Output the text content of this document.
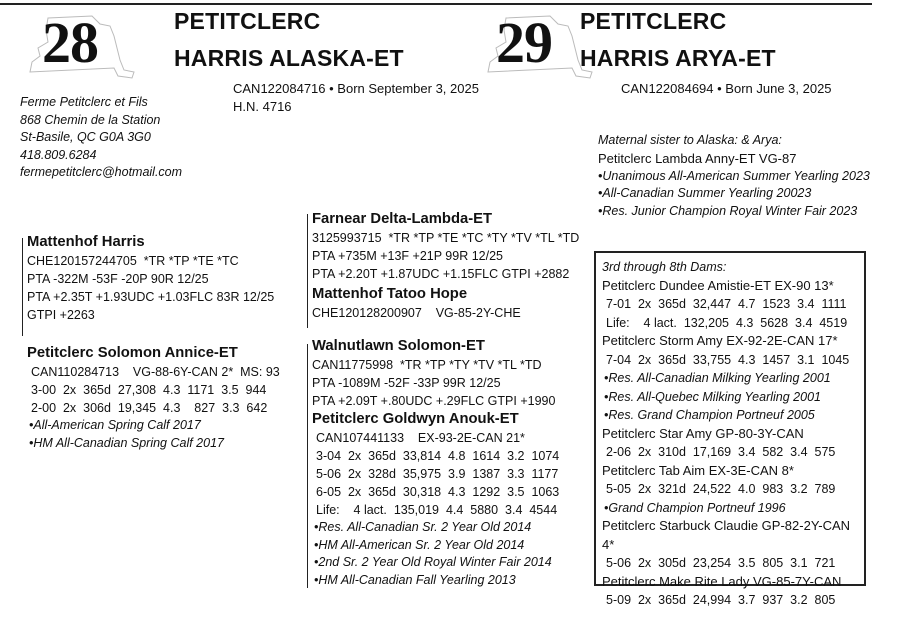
28	PETITCLERC
HARRIS ALASKA-ET
CAN122084716 • Born September 3, 2025
H.N. 4716
29 PETITCLERC
HARRIS ARYA-ET
CAN122084694 • Born June 3, 2025
Ferme Petitclerc et Fils
868 Chemin de la Station
St-Basile, QC G0A 3G0
418.809.6284
fermepetitclerc@hotmail.com
Maternal sister to Alaska: & Arya:
Petitclerc Lambda Anny-ET VG-87
•Unanimous All-American Summer Yearling 2023
•All-Canadian Summer Yearling 20023
•Res. Junior Champion Royal Winter Fair 2023
Mattenhof Harris
CHE120157244705  *TR *TP *TE *TC
PTA -322M -53F -20P 90R 12/25
PTA +2.35T +1.93UDC +1.03FLC 83R 12/25
GTPI +2263
Petitclerc Solomon Annice-ET
CAN110284713    VG-88-6Y-CAN 2*  MS: 93
3-00  2x  365d  27,308  4.3  1171  3.5  944
2-00  2x  306d  19,345  4.3    827  3.3  642
•All-American Spring Calf 2017
•HM All-Canadian Spring Calf 2017
Farnear Delta-Lambda-ET
3125993715  *TR *TP *TE *TC *TY *TV *TL *TD
PTA +735M +13F +21P 99R 12/25
PTA +2.20T +1.87UDC +1.15FLC GTPI +2882
Mattenhof Tatoo Hope
CHE120128200907    VG-85-2Y-CHE
Walnutlawn Solomon-ET
CAN11775998  *TR *TP *TY *TV *TL *TD
PTA -1089M -52F -33P 99R 12/25
PTA +2.09T +.80UDC +.29FLC GTPI +1990
Petitclerc Goldwyn Anouk-ET
CAN107441133    EX-93-2E-CAN 21*
3-04  2x  365d  33,814  4.8  1614  3.2  1074
5-06  2x  328d  35,975  3.9  1387  3.3  1177
6-05  2x  365d  30,318  4.3  1292  3.5  1063
Life:    4 lact.  135,019  4.4  5880  3.4  4544
•Res. All-Canadian Sr. 2 Year Old 2014
•HM All-American Sr. 2 Year Old 2014
•2nd Sr. 2 Year Old Royal Winter Fair 2014
•HM All-Canadian Fall Yearling 2013
3rd through 8th Dams:
Petitclerc Dundee Amistie-ET EX-90 13*
7-01  2x  365d  32,447  4.7  1523  3.4  1111
Life:    4 lact.  132,205  4.3  5628  3.4  4519
Petitclerc Storm Amy EX-92-2E-CAN 17*
7-04  2x  365d  33,755  4.3  1457  3.1  1045
•Res. All-Canadian Milking Yearling 2001
•Res. All-Quebec Milking Yearling 2001
•Res. Grand Champion Portneuf 2005
Petitclerc Star Amy GP-80-3Y-CAN
2-06  2x  310d  17,169  3.4  582  3.4  575
Petitclerc Tab Aim EX-3E-CAN 8*
5-05  2x  321d  24,522  4.0  983  3.2  789
•Grand Champion Portneuf 1996
Petitclerc Starbuck Claudie GP-82-2Y-CAN 4*
5-06  2x  305d  23,254  3.5  805  3.1  721
Petitclerc Make Rite Lady VG-85-7Y-CAN
5-09  2x  365d  24,994  3.7  937  3.2  805
